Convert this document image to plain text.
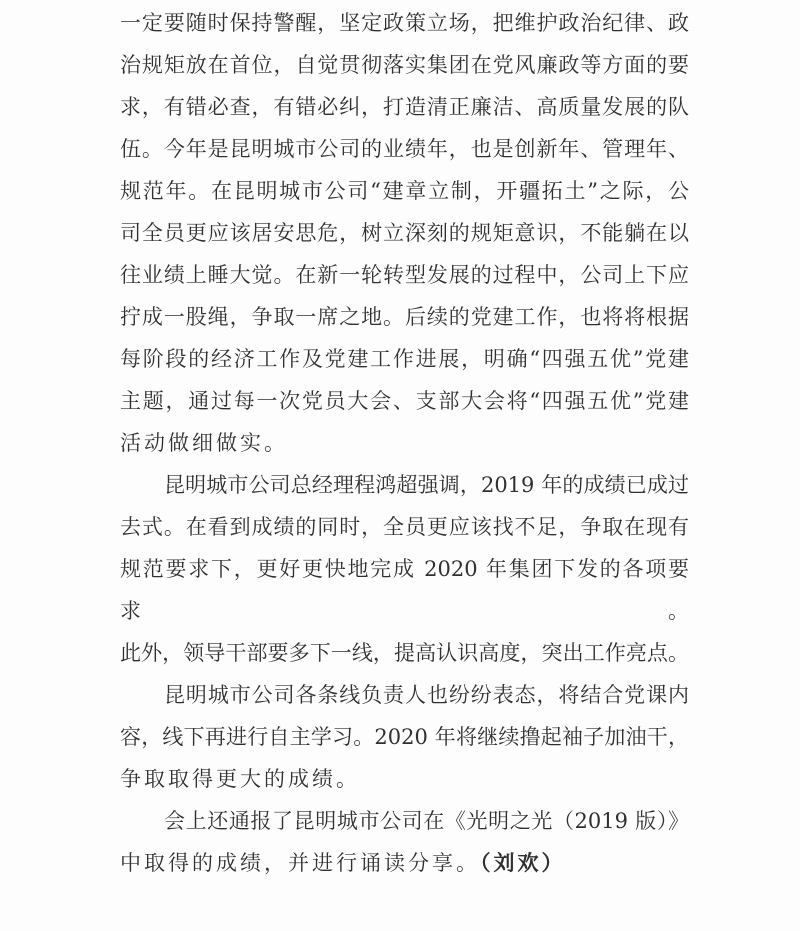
一定要随时保持警醒，坚定政策立场，把维护政治纪律、政
治规矩放在首位，自觉贯彻落实集团在党风廉政等方面的要
求，有错必查，有错必纠，打造清正廉洁、高质量发展的队
伍。今年是昆明城市公司的业绩年，也是创新年、管理年、
规范年。在昆明城市公司“建章立制，开疆拓土”之际，公
司全员更应该居安思危，树立深刻的规矩意识，不能躺在以
往业绩上睡大觉。在新一轮转型发展的过程中，公司上下应
拧成一股绳，争取一席之地。后续的党建工作，也将将根据
每阶段的经济工作及党建工作进展，明确“四强五优”党建
主题，通过每一次党员大会、支部大会将“四强五优”党建
活动做细做实。
昆明城市公司总经理程鸿超强调，2019 年的成绩已成过
去式。在看到成绩的同时，全员更应该找不足，争取在现有
规范要求下，更好更快地完成 2020 年集团下发的各项要求。
此外，领导干部要多下一线，提高认识高度，突出工作亮点。
昆明城市公司各条线负责人也纷纷表态，将结合党课内
容，线下再进行自主学习。2020 年将继续撸起袖子加油干，
争取取得更大的成绩。
会上还通报了昆明城市公司在《光明之光（2019 版）》
中取得的成绩，并进行诵读分享。（刘欢）
